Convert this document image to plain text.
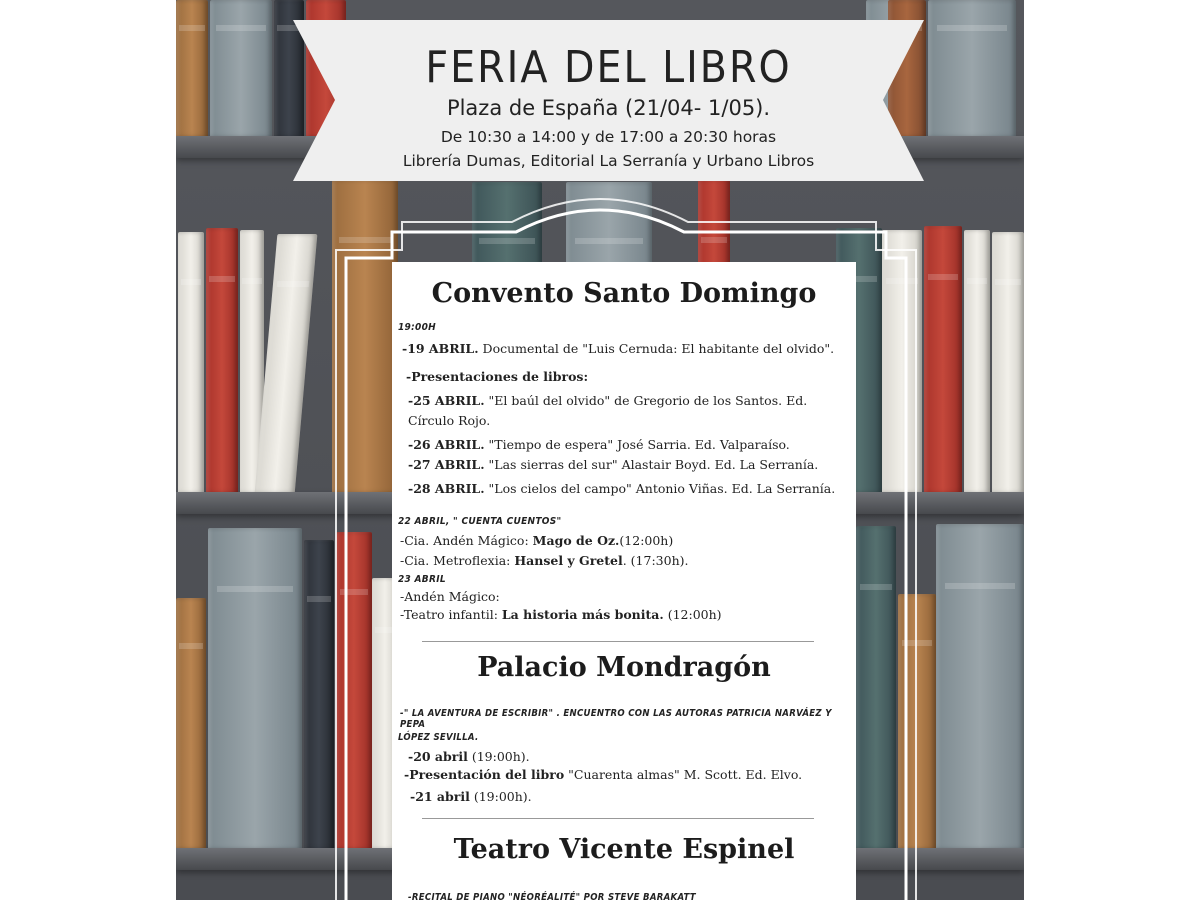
FERIA DEL LIBRO
Plaza de España (21/04- 1/05).
De 10:30 a 14:00 y de 17:00 a 20:30 horas
Librería Dumas, Editorial La Serranía y Urbano Libros
Convento Santo Domingo
19:00H
-19 ABRIL. Documental de "Luis Cernuda: El habitante del olvido".
-Presentaciones de libros:
-25 ABRIL. "El baúl del olvido" de Gregorio de los Santos. Ed.
Círculo Rojo.
-26 ABRIL. "Tiempo de espera" José Sarria. Ed. Valparaíso.
-27 ABRIL. "Las sierras del sur" Alastair Boyd. Ed. La Serranía.
-28 ABRIL. "Los cielos del campo" Antonio Viñas. Ed. La Serranía.
22 ABRIL, " CUENTA CUENTOS"
-Cia. Andén Mágico: Mago de Oz.(12:00h)
-Cia. Metroflexia: Hansel y Gretel. (17:30h).
23 ABRIL
-Andén Mágico:
-Teatro infantil: La historia más bonita. (12:00h)
Palacio Mondragón
-" LA AVENTURA DE ESCRIBIR" . ENCUENTRO CON LAS AUTORAS PATRICIA NARVÁEZ Y PEPA
LÓPEZ SEVILLA.
-20 abril (19:00h).
-Presentación del libro "Cuarenta almas" M. Scott. Ed. Elvo.
-21 abril (19:00h).
Teatro Vicente Espinel
-RECITAL DE PIANO "NÉORÉALITÉ" POR STEVE BARAKATT
